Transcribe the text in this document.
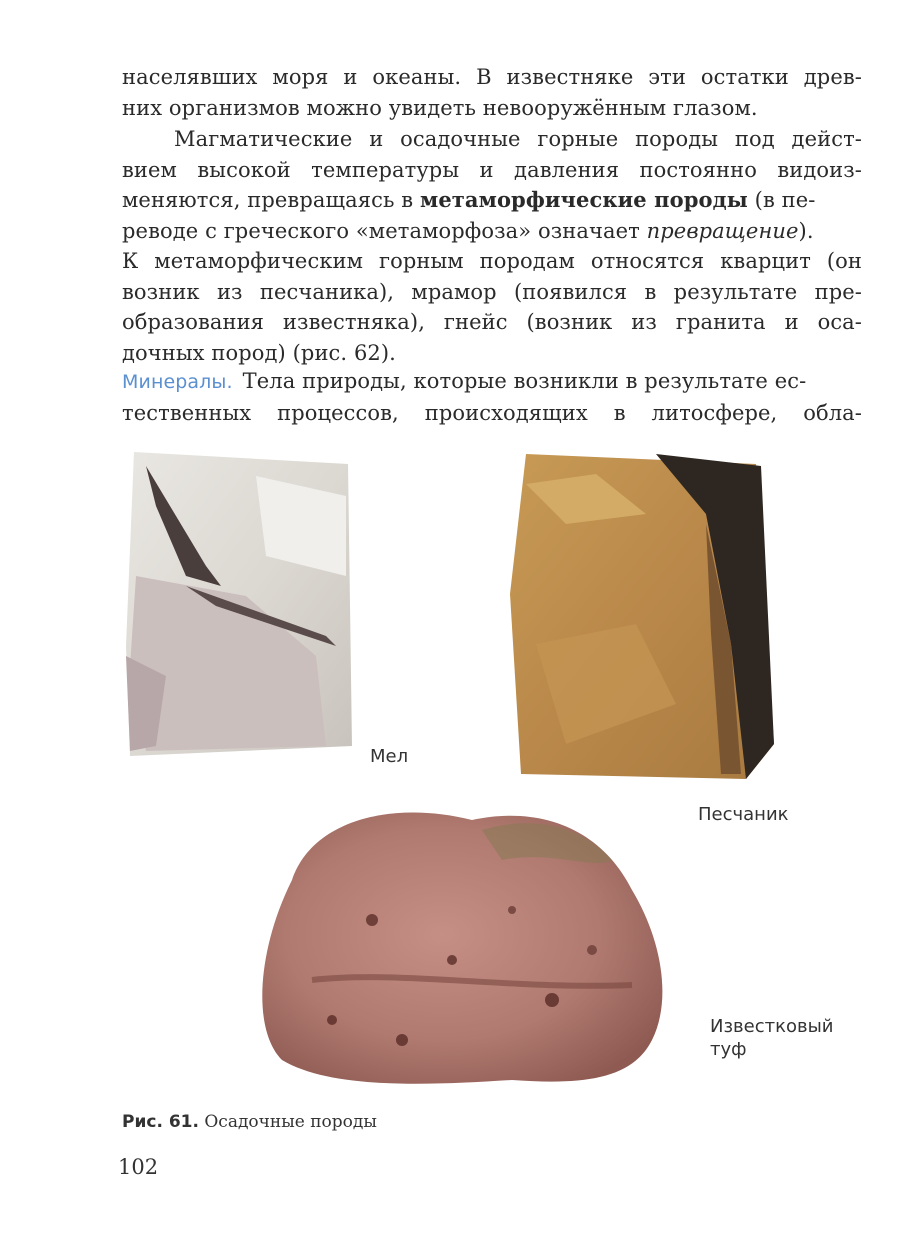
населявших моря и океаны. В известняке эти остатки древ-
них организмов можно увидеть невооружённым глазом.
Магматические и осадочные горные породы под дейст-
вием высокой температуры и давления постоянно видоиз-
меняются, превращаясь в метаморфические породы (в пе-
реводе с греческого «метаморфоза» означает превращение).
К метаморфическим горным породам относятся кварцит (он
возник из песчаника), мрамор (появился в результате пре-
образования известняка), гнейс (возник из гранита и оса-
дочных пород) (рис. 62).
Минералы. Тела природы, которые возникли в результате ес-
тественных процессов, происходящих в литосфере, обла-
Мел
Песчаник
Известковый
туф
Рис. 61. Осадочные породы
102
